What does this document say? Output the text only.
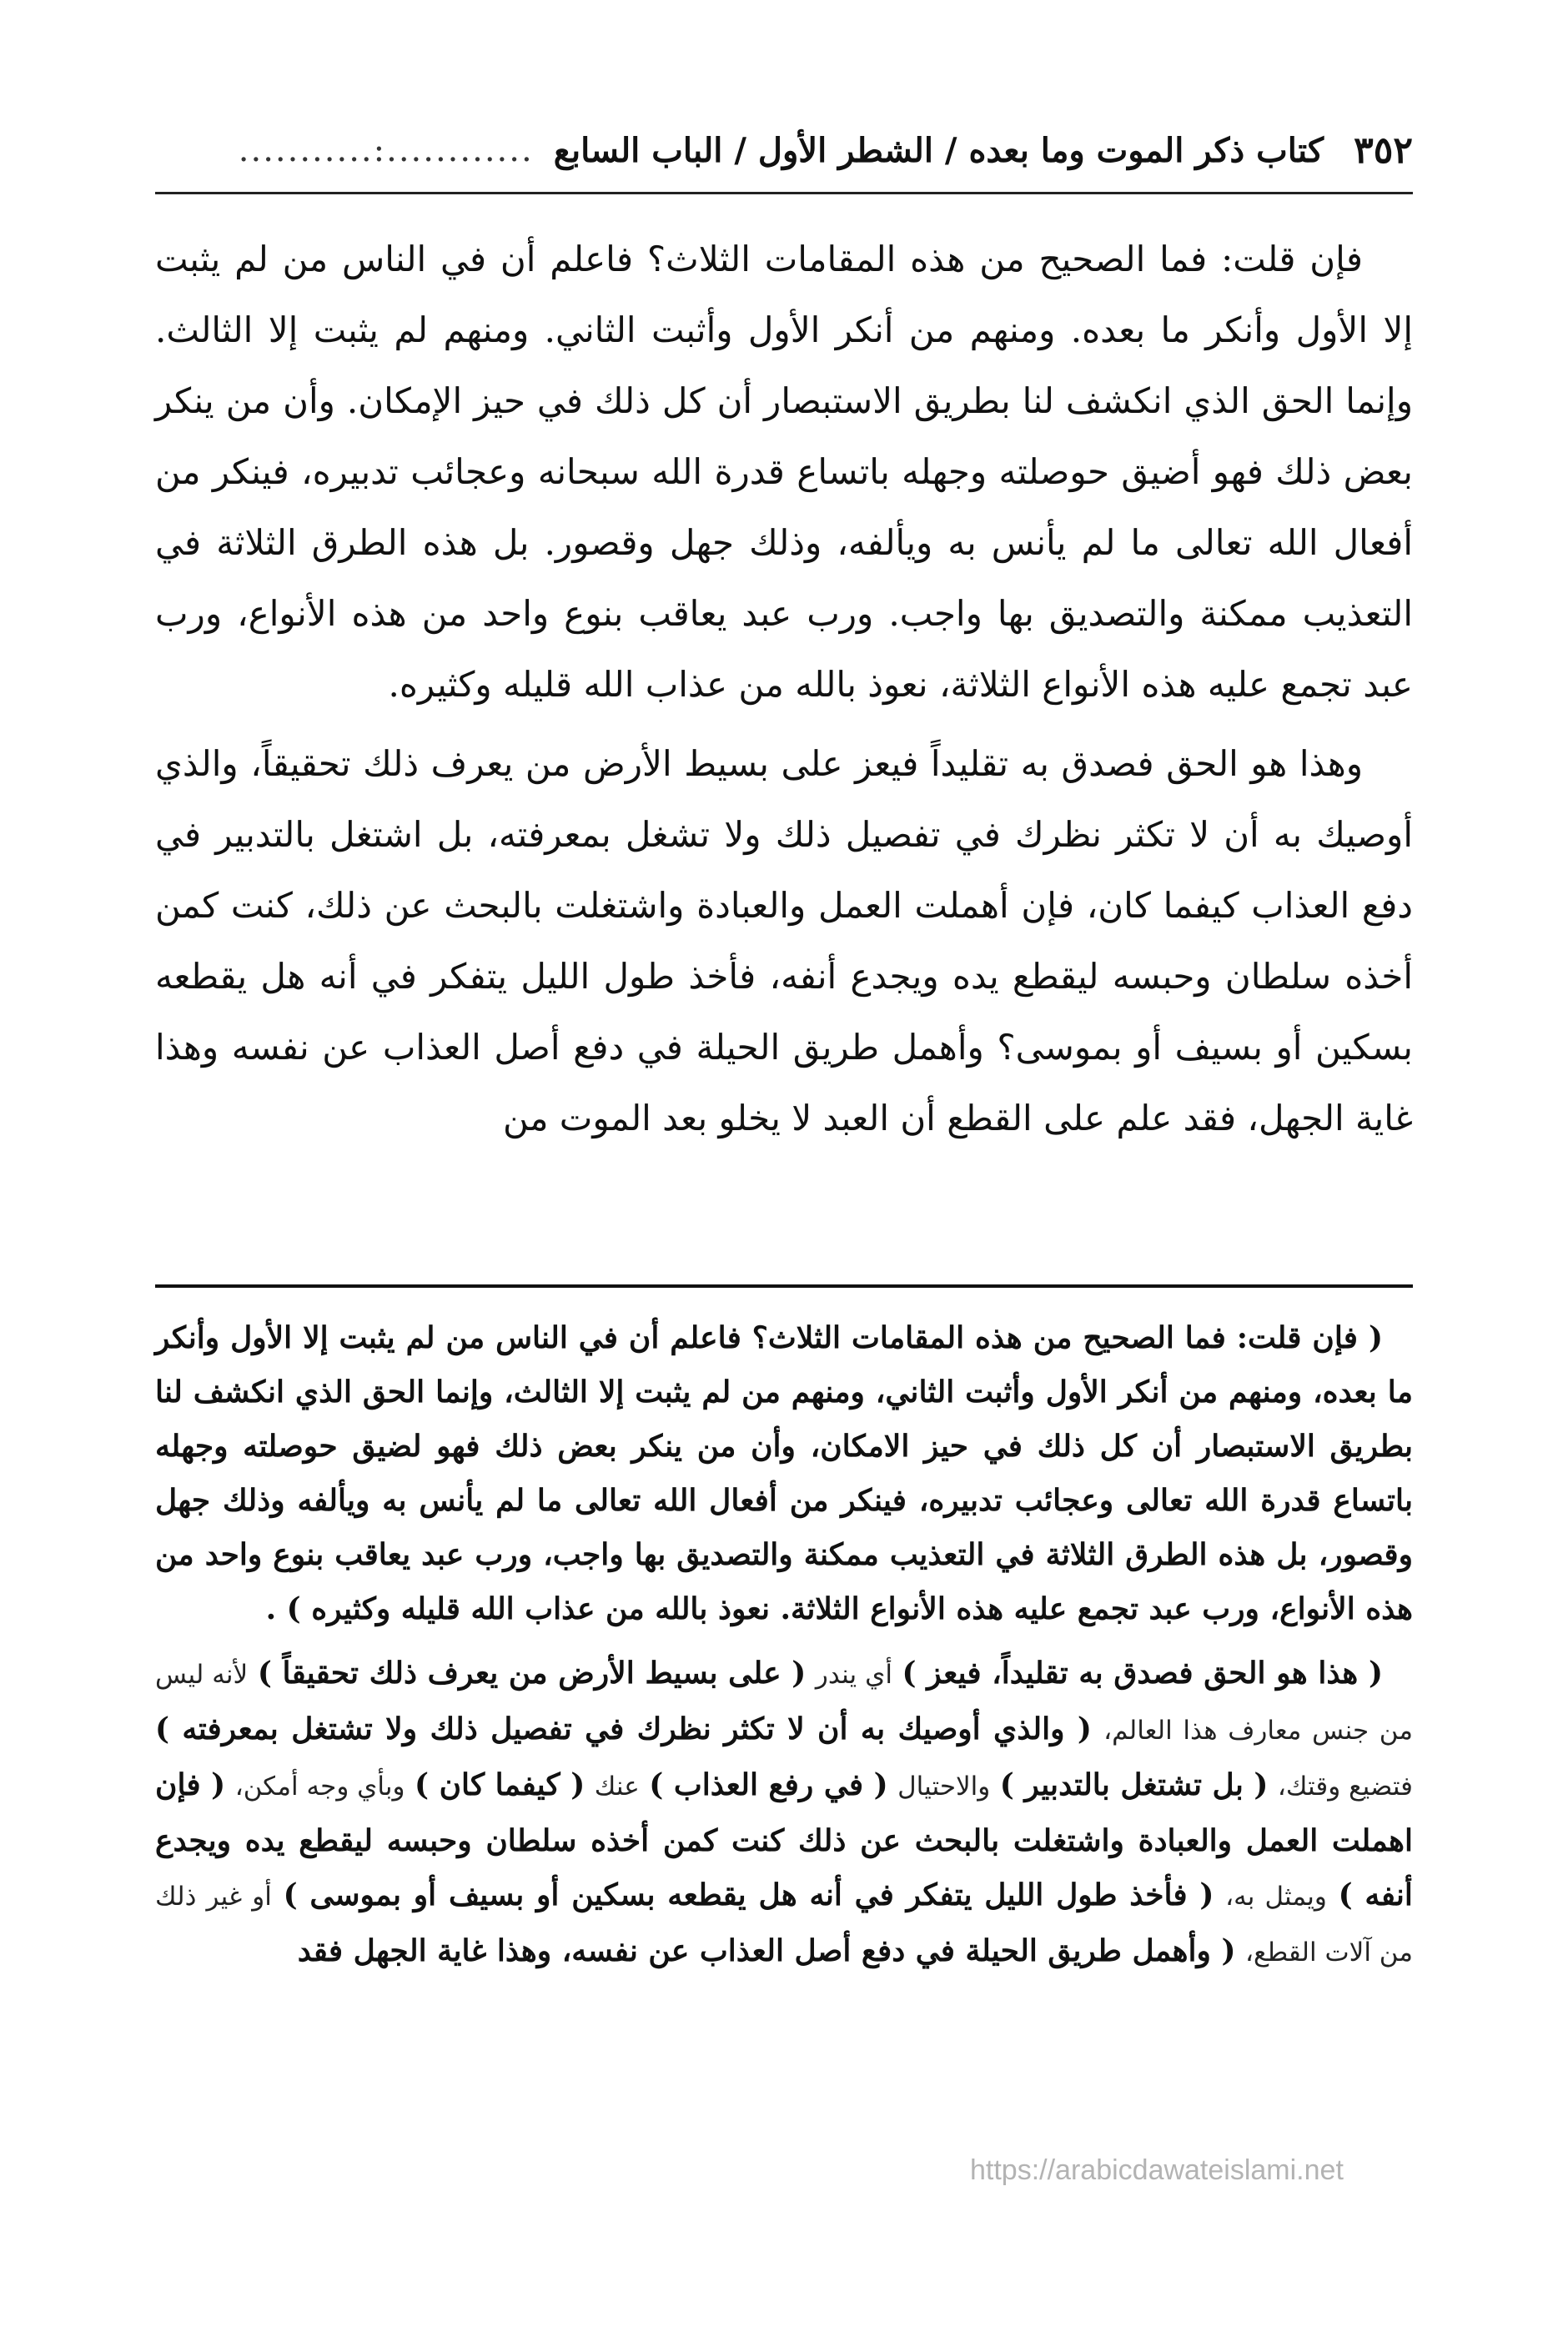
٣٥٢
كتاب ذكر الموت وما بعده / الشطر الأول / الباب السابع
............:...........

فإن قلت: فما الصحيح من هذه المقامات الثلاث؟ فاعلم أن في الناس من لم يثبت إلا الأول وأنكر ما بعده. ومنهم من أنكر الأول وأثبت الثاني. ومنهم لم يثبت إلا الثالث. وإنما الحق الذي انكشف لنا بطريق الاستبصار أن كل ذلك في حيز الإمكان. وأن من ينكر بعض ذلك فهو أضيق حوصلته وجهله باتساع قدرة الله سبحانه وعجائب تدبيره، فينكر من أفعال الله تعالى ما لم يأنس به ويألفه، وذلك جهل وقصور. بل هذه الطرق الثلاثة في التعذيب ممكنة والتصديق بها واجب. ورب عبد يعاقب بنوع واحد من هذه الأنواع، ورب عبد تجمع عليه هذه الأنواع الثلاثة، نعوذ بالله من عذاب الله قليله وكثيره.

وهذا هو الحق فصدق به تقليداً فيعز على بسيط الأرض من يعرف ذلك تحقيقاً، والذي أوصيك به أن لا تكثر نظرك في تفصيل ذلك ولا تشغل بمعرفته، بل اشتغل بالتدبير في دفع العذاب كيفما كان، فإن أهملت العمل والعبادة واشتغلت بالبحث عن ذلك، كنت كمن أخذه سلطان وحبسه ليقطع يده ويجدع أنفه، فأخذ طول الليل يتفكر في أنه هل يقطعه بسكين أو بسيف أو بموسى؟ وأهمل طريق الحيلة في دفع أصل العذاب عن نفسه وهذا غاية الجهل، فقد علم على القطع أن العبد لا يخلو بعد الموت من

( فإن قلت: فما الصحيح من هذه المقامات الثلاث؟ فاعلم أن في الناس من لم يثبت إلا الأول وأنكر ما بعده، ومنهم من أنكر الأول وأثبت الثاني، ومنهم من لم يثبت إلا الثالث، وإنما الحق الذي انكشف لنا بطريق الاستبصار أن كل ذلك في حيز الامكان، وأن من ينكر بعض ذلك فهو لضيق حوصلته وجهله باتساع قدرة الله تعالى وعجائب تدبيره، فينكر من أفعال الله تعالى ما لم يأنس به ويألفه وذلك جهل وقصور، بل هذه الطرق الثلاثة في التعذيب ممكنة والتصديق بها واجب، ورب عبد يعاقب بنوع واحد من هذه الأنواع، ورب عبد تجمع عليه هذه الأنواع الثلاثة. نعوذ بالله من عذاب الله قليله وكثيره ) .

( هذا هو الحق فصدق به تقليداً، فيعز ) أي يندر ( على بسيط الأرض من يعرف ذلك تحقيقاً ) لأنه ليس من جنس معارف هذا العالم، ( والذي أوصيك به أن لا تكثر نظرك في تفصيل ذلك ولا تشتغل بمعرفته ) فتضيع وقتك، ( بل تشتغل بالتدبير ) والاحتيال ( في رفع العذاب ) عنك ( كيفما كان ) وبأي وجه أمكن، ( فإن اهملت العمل والعبادة واشتغلت بالبحث عن ذلك كنت كمن أخذه سلطان وحبسه ليقطع يده ويجدع أنفه ) ويمثل به، ( فأخذ طول الليل يتفكر في أنه هل يقطعه بسكين أو بسيف أو بموسى ) أو غير ذلك من آلات القطع، ( وأهمل طريق الحيلة في دفع أصل العذاب عن نفسه، وهذا غاية الجهل فقد

https://arabicdawateislami.net
